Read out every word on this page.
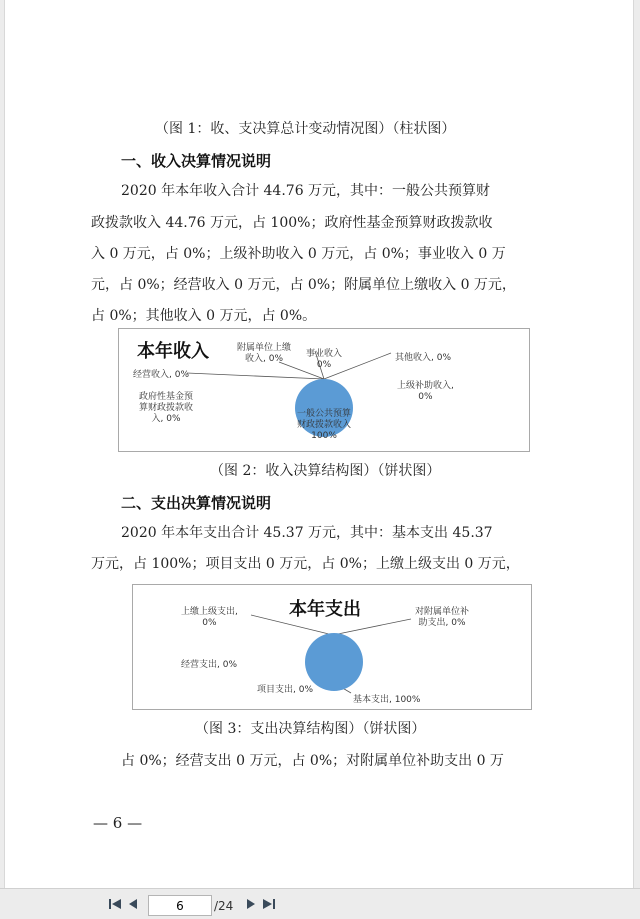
（图 1：收、支决算总计变动情况图）（柱状图）
一、收入决算情况说明
2020 年本年收入合计 44.76 万元，其中：一般公共预算财
政拨款收入 44.76 万元，占 100%；政府性基金预算财政拨款收
入 0 万元，占 0%；上级补助收入 0 万元，占 0%；事业收入 0 万
元，占 0%；经营收入 0 万元，占 0%；附属单位上缴收入 0 万元，
占 0%；其他收入 0 万元，占 0%。
本年收入	附属单位上缴
收入, 0%	事业收入
0%
其他收入, 0%
经营收入, 0%
上级补助收入,
0%
政府性基金预
算财政拨款收
入, 0%	一般公共预算
财政拨款收入
100%
（图 2：收入决算结构图）（饼状图）
二、支出决算情况说明
2020 年本年支出合计 45.37 万元，其中：基本支出 45.37
万元，占 100%；项目支出 0 万元，占 0%；上缴上级支出 0 万元，
本年支出
上缴上级支出,
0%
对附属单位补
助支出, 0%
经营支出, 0%
项目支出, 0%
基本支出, 100%
（图 3：支出决算结构图）（饼状图）
占 0%；经营支出 0 万元，占 0%；对附属单位补助支出 0 万
— 6 —
6
/24
